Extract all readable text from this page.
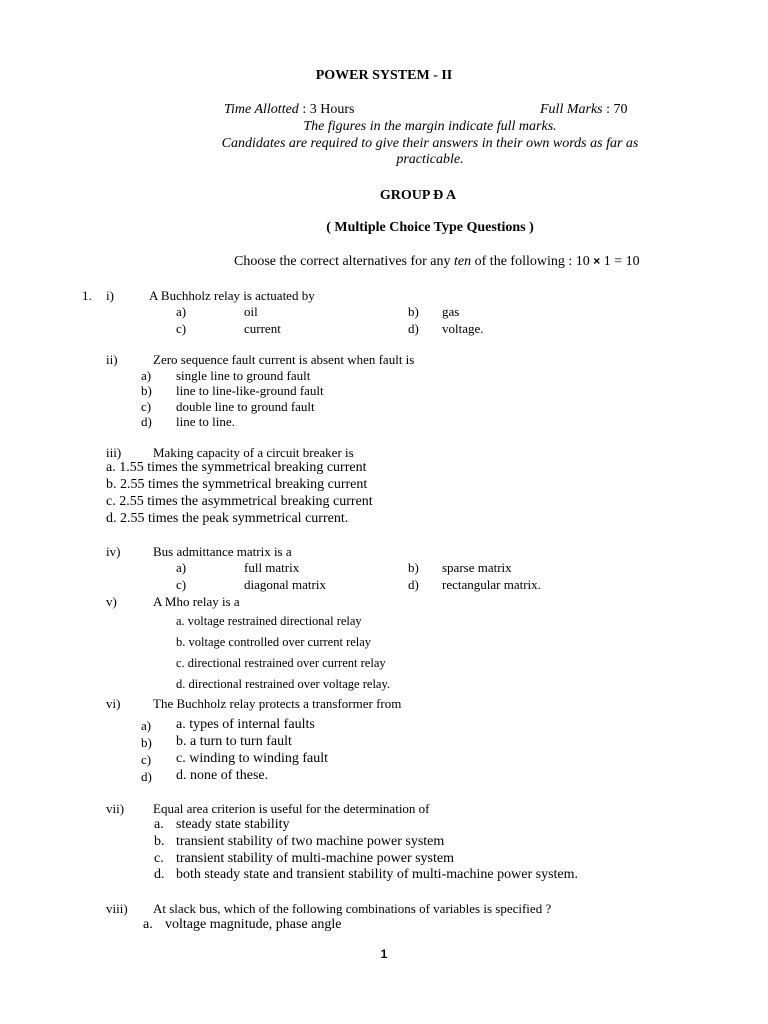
POWER SYSTEM - II
Time Allotted : 3 Hours	Full Marks : 70
The figures in the margin indicate full marks.
Candidates are required to give their answers in their own words as far as
practicable.
GROUP Ð A
( Multiple Choice Type Questions )
Choose the correct alternatives for any ten of the following : 10 × 1 = 10
1. i)	A Buchholz relay is actuated by
a)	oil	b) gas
c)	current	d) voltage.
ii)	Zero sequence fault current is absent when fault is
a) single line to ground fault
b) line to line-like-ground fault
c) double line to ground fault
d) line to line.
iii) Making capacity of a circuit breaker is
a. 1.55 times the symmetrical breaking current
b. 2.55 times the symmetrical breaking current
c. 2.55 times the asymmetrical breaking current
d. 2.55 times the peak symmetrical current.
iv)	Bus admittance matrix is a
a)	full matrix	b) sparse matrix
c)	diagonal matrix	d) rectangular matrix.
v)	A Mho relay is a
a. voltage restrained directional relay
b. voltage controlled over current relay
c. directional restrained over current relay
d. directional restrained over voltage relay.
vi)	The Buchholz relay protects a transformer from
a) a. types of internal faults
b) b. a turn to turn fault
c) c. winding to winding fault
d) d. none of these.
vii) Equal area criterion is useful for the determination of
a. steady state stability
b. transient stability of two machine power system
c. transient stability of multi-machine power system
d. both steady state and transient stability of multi-machine power system.
viii) At slack bus, which of the following combinations of variables is specified ?
a. voltage magnitude, phase angle
1
